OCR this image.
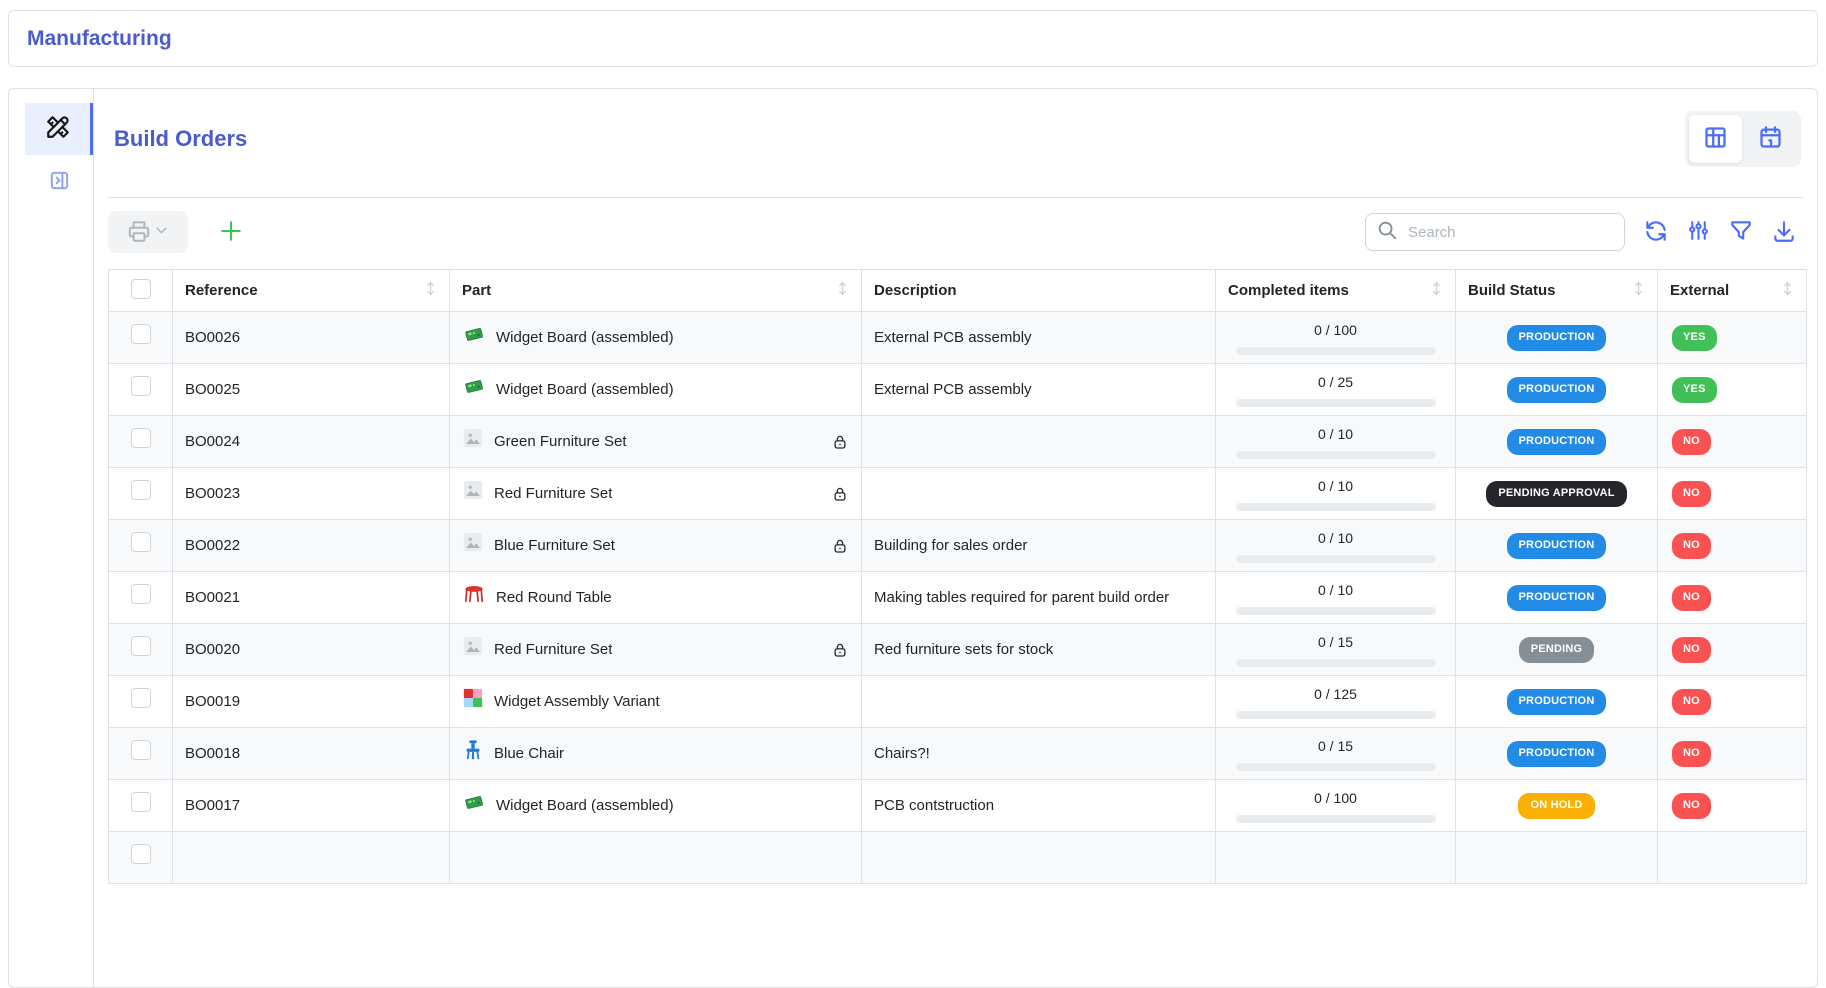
Manufacturing
Build Orders
Search

	Reference	Part	Description	Completed items	Build Status	External

	BO0026	Widget Board (assembled)	External PCB assembly	0 / 100	PRODUCTION	YES
	BO0025	Widget Board (assembled)	External PCB assembly	0 / 25	PRODUCTION	YES
	BO0024	Green Furniture Set		0 / 10	PRODUCTION	NO
	BO0023	Red Furniture Set		0 / 10	PENDING APPROVAL	NO
	BO0022	Blue Furniture Set	Building for sales order	0 / 10	PRODUCTION	NO
	BO0021	Red Round Table	Making tables required for parent build order	0 / 10	PRODUCTION	NO
	BO0020	Red Furniture Set	Red furniture sets for stock	0 / 15	PENDING	NO
	BO0019	Widget Assembly Variant		0 / 125	PRODUCTION	NO
	BO0018	Blue Chair	Chairs?!	0 / 15	PRODUCTION	NO
	BO0017	Widget Board (assembled)	PCB contstruction	0 / 100	ON HOLD	NO
